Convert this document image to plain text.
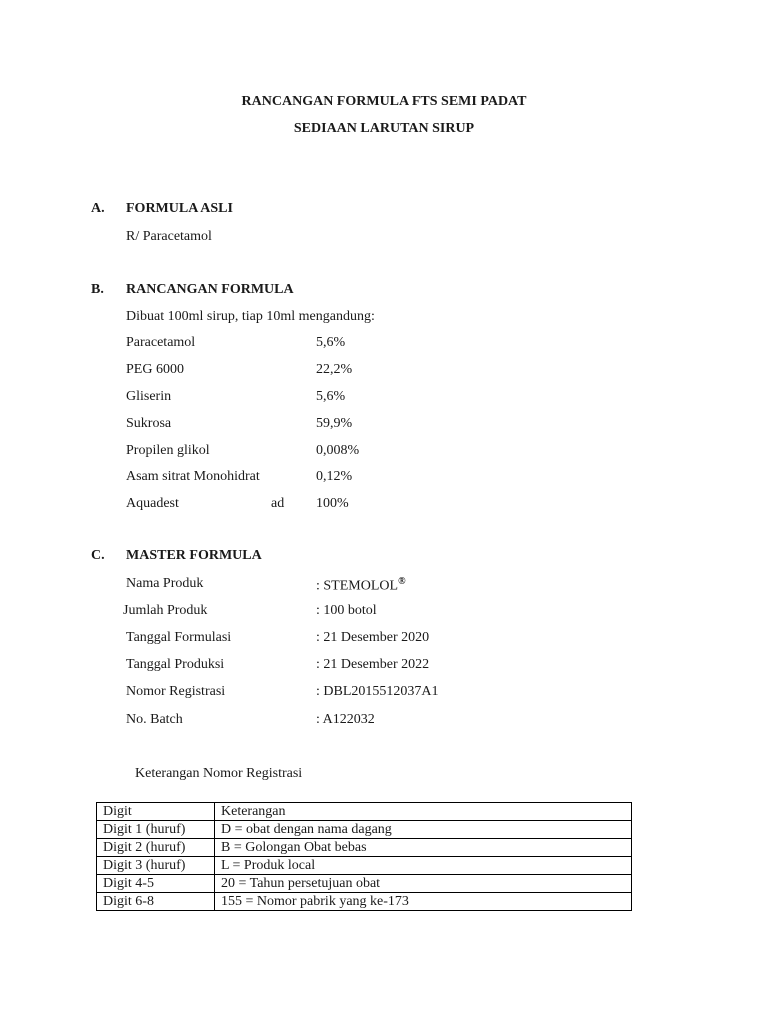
RANCANGAN FORMULA FTS SEMI PADAT
SEDIAAN LARUTAN SIRUP
A. FORMULA ASLI
R/ Paracetamol
B. RANCANGAN FORMULA
Dibuat 100ml sirup, tiap 10ml mengandung:
Paracetamol	5,6%
PEG 6000	22,2%
Gliserin	5,6%
Sukrosa	59,9%
Propilen glikol	0,008%
Asam sitrat Monohidrat	0,12%
Aquadest	ad 100%
C. MASTER FORMULA
Nama Produk	: STEMOLOL®
Jumlah Produk	: 100 botol
Tanggal Formulasi	: 21 Desember 2020
Tanggal Produksi	: 21 Desember 2022
Nomor Registrasi	: DBL2015512037A1
No. Batch	: A122032
Keterangan Nomor Registrasi
Digit	Keterangan
Digit 1 (huruf)	D = obat dengan nama dagang
Digit 2 (huruf)	B = Golongan Obat bebas
Digit 3 (huruf)	L = Produk local
Digit 4-5	20 = Tahun persetujuan obat
Digit 6-8	155 = Nomor pabrik yang ke-173
